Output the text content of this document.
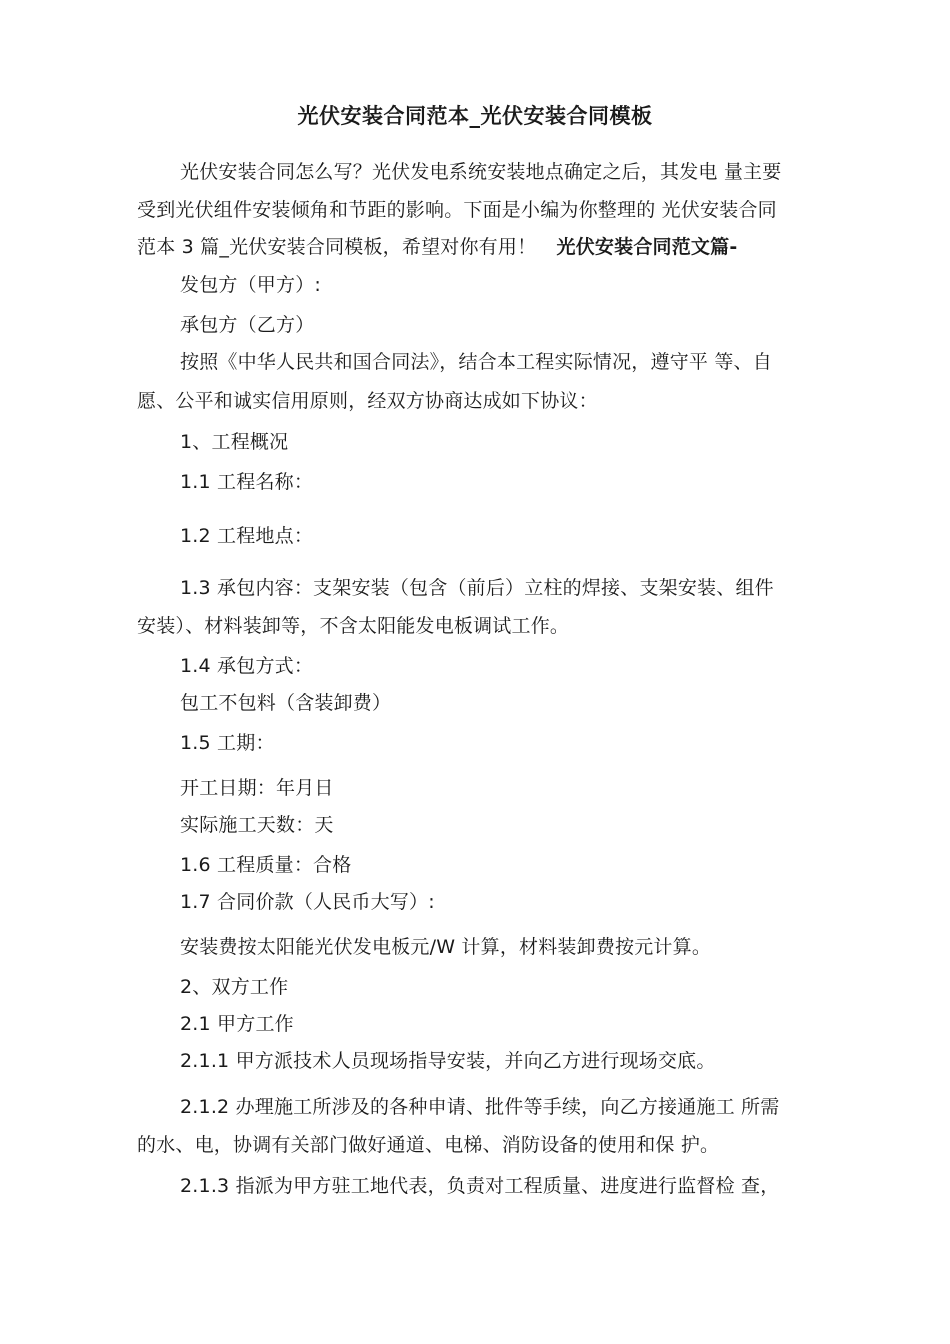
光伏安装合同范本_光伏安装合同模板
光伏安装合同怎么写？光伏发电系统安装地点确定之后，其发电 量主要
受到光伏组件安装倾角和节距的影响。下面是小编为你整理的 光伏安装合同
范本 3 篇_光伏安装合同模板，希望对你有用！ 光伏安装合同范文篇-
发包方（甲方）:
承包方（乙方）
按照《中华人民共和国合同法》，结合本工程实际情况，遵守平 等、自
愿、公平和诚实信用原则，经双方协商达成如下协议：
1、工程概况
1.1 工程名称：
1.2 工程地点：
1.3 承包内容：支架安装（包含（前后）立柱的焊接、支架安装、组件
安装）、材料装卸等，不含太阳能发电板调试工作。
1.4 承包方式：
包工不包料（含装卸费）
1.5 工期：
开工日期：年月日
实际施工天数：天
1.6 工程质量：合格
1.7 合同价款（人民币大写）:
安装费按太阳能光伏发电板元/W 计算，材料装卸费按元计算。
2、双方工作
2.1 甲方工作
2.1.1 甲方派技术人员现场指导安装，并向乙方进行现场交底。
2.1.2 办理施工所涉及的各种申请、批件等手续，向乙方接通施工 所需
的水、电，协调有关部门做好通道、电梯、消防设备的使用和保 护。
2.1.3 指派为甲方驻工地代表，负责对工程质量、进度进行监督检 查，
